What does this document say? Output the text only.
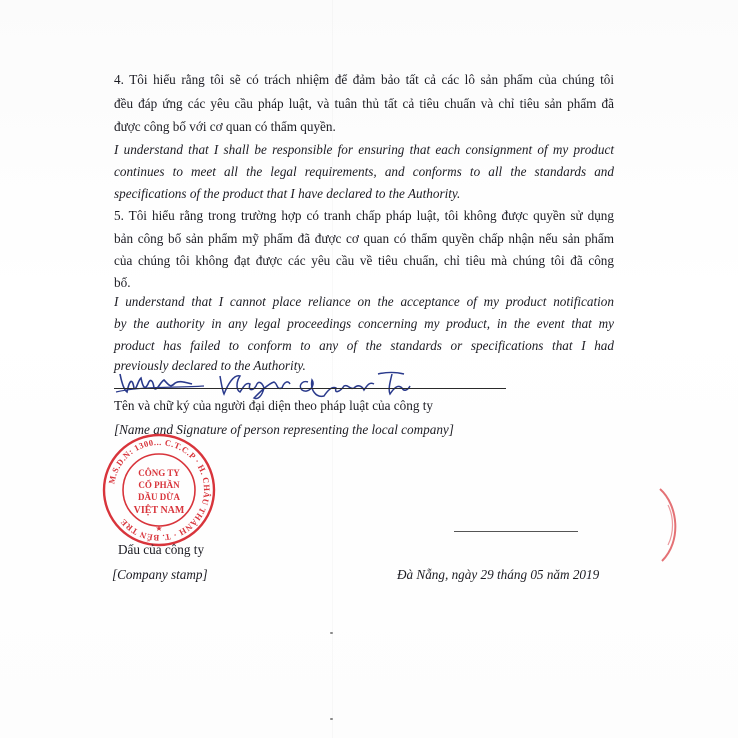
4. Tôi hiểu rằng tôi sẽ có trách nhiệm để đảm bảo tất cả các lô sản phẩm của chúng tôi
đều đáp ứng các yêu cầu pháp luật, và tuân thủ tất cả tiêu chuẩn và chỉ tiêu sản phẩm đã
được công bố với cơ quan có thẩm quyền.
I understand that I shall be responsible for ensuring that each consignment of my product
continues to meet all the legal requirements, and conforms to all the standards and
specifications of the product that I have declared to the Authority.
5. Tôi hiểu rằng trong trường hợp có tranh chấp pháp luật, tôi không được quyền sử dụng
bản công bố sản phẩm mỹ phẩm đã được cơ quan có thẩm quyền chấp nhận nếu sản phẩm
của chúng tôi không đạt được các yêu cầu về tiêu chuẩn, chỉ tiêu mà chúng tôi đã công
bố.
I understand that I cannot place reliance on the acceptance of my product notification
by the authority in any legal proceedings concerning my product, in the event that my
product has failed to conform to any of the standards or specifications that I had
previously declared to the Authority.
Tên và chữ ký của người đại diện theo pháp luật của công ty
[Name and Signature of person representing the local company]
M.S.D.N: 1300... C.T.C.P · H. CHÂU THÀNH · T. BẾN TRE
CÔNG TY
CỔ PHẦN
DẦU DỪA
VIỆT NAM
★
Dấu của công ty
[Company stamp]	Đà Nẵng, ngày 29 tháng 05 năm 2019
